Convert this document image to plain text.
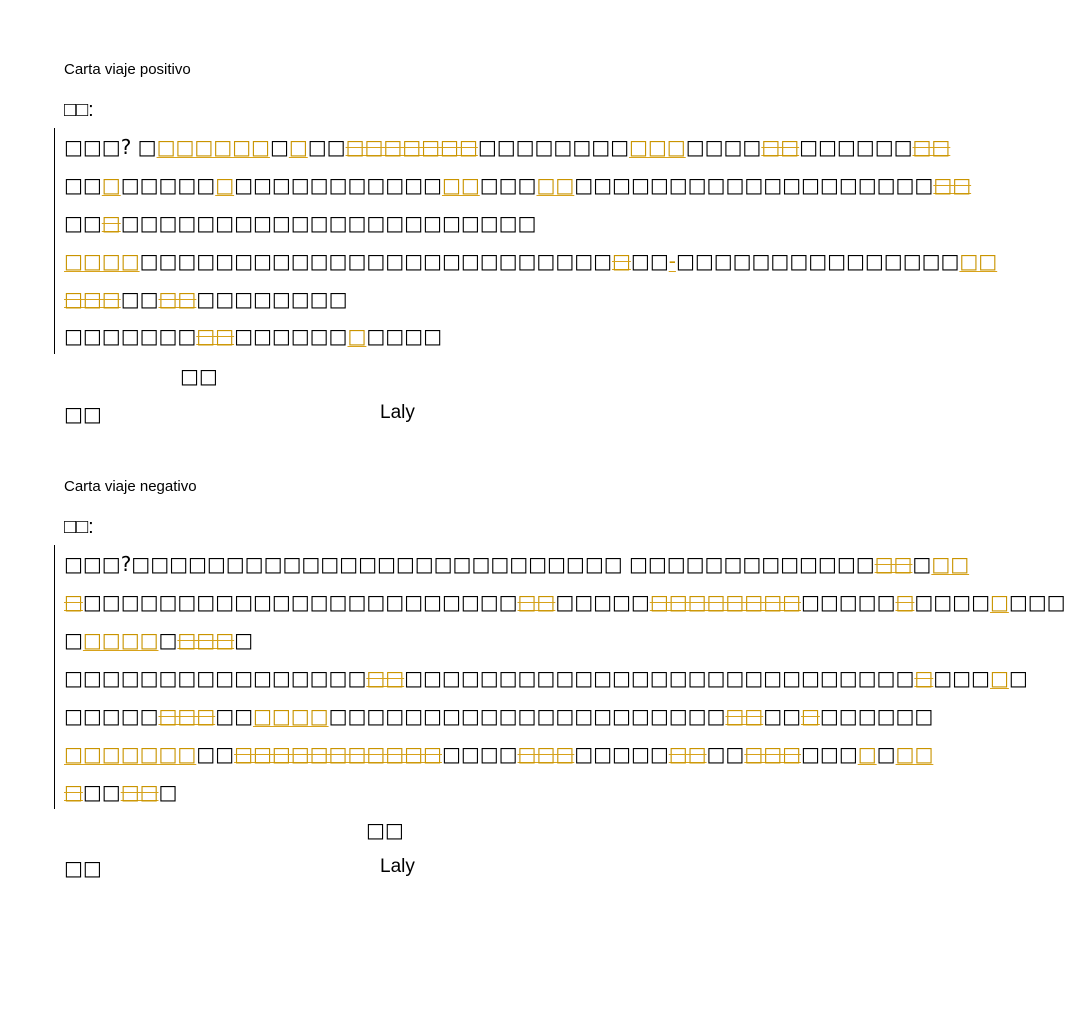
Carta viaje positivo
□□:
□□□? □□□□□□□□□□□□□□□□□□□□□□□□□□□□□□□□□□□□□□□□□□□
□□□□□□□□□□□□□□□□□□□□□□□□□□□□□□□□□□□□□□□□□□□□□□□□
□□□□□□□□□□□□□□□□□□□□□□□□□
□□□□□□□□□□□□□□□□□□□□□□□□□□□□□□□□-□□□□□□□□□□□□□□□□□
□□□□□□□□□□□□□□□
□□□□□□□□□□□□□□□□□□□□
□□
□□	Laly
Carta viaje negativo
□□:
□□□?□□□□□□□□□□□□□□□□□□□□□□□□□□ □□□□□□□□□□□□□□□□□□
□□□□□□□□□□□□□□□□□□□□□□□□□□□□□□□□□□□□□□□□□□□□□□□□□□□□□
□□□□□□□□□□
□□□□□□□□□□□□□□□□□□□□□□□□□□□□□□□□□□□□□□□□□□□□□□□□□□□
□□□□□□□□□□□□□□□□□□□□□□□□□□□□□□□□□□□□□□□□□□□□□□
□□□□□□□□□□□□□□□□□□□□□□□□□□□□□□□□□□□□□□□□□□□□□□
□□□□□□
□□
□□	Laly
